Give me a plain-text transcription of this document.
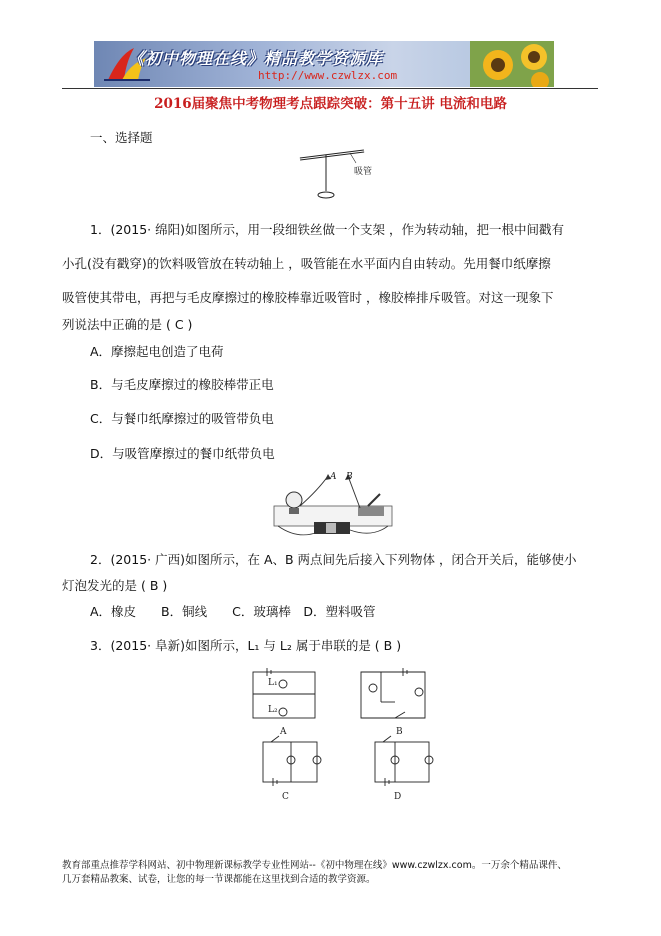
《初中物理在线》精品教学资源库
http://www.czwlzx.com
2016届聚焦中考物理考点跟踪突破：第十五讲 电流和电路
一、选择题
吸管
1．(2015· 绵阳)如图所示，用一段细铁丝做一个支架 ，作为转动轴，把一根中间戳有
小孔(没有戳穿)的饮料吸管放在转动轴上 ，吸管能在水平面内自由转动。先用餐巾纸摩擦
吸管使其带电，再把与毛皮摩擦过的橡胶棒靠近吸管时 ，橡胶棒排斥吸管。对这一现象下
列说法中正确的是 ( C )
A．摩擦起电创造了电荷
B．与毛皮摩擦过的橡胶棒带正电
C．与餐巾纸摩擦过的吸管带负电
D．与吸管摩擦过的餐巾纸带负电
A B
2．(2015· 广西)如图所示，在 A、B 两点间先后接入下列物体 ，闭合开关后，能够使小
灯泡发光的是 ( B )
A．橡皮　　B．铜线　　C．玻璃棒　D．塑料吸管
3．(2015· 阜新)如图所示，L₁ 与 L₂ 属于串联的是 ( B )
A	B
C	D
L₁
L₂
教育部重点推荐学科网站、初中物理新课标教学专业性网站--《初中物理在线》www.czwlzx.com。一万余个精品课件、
几万套精品教案、试卷，让您的每一节课都能在这里找到合适的教学资源。
